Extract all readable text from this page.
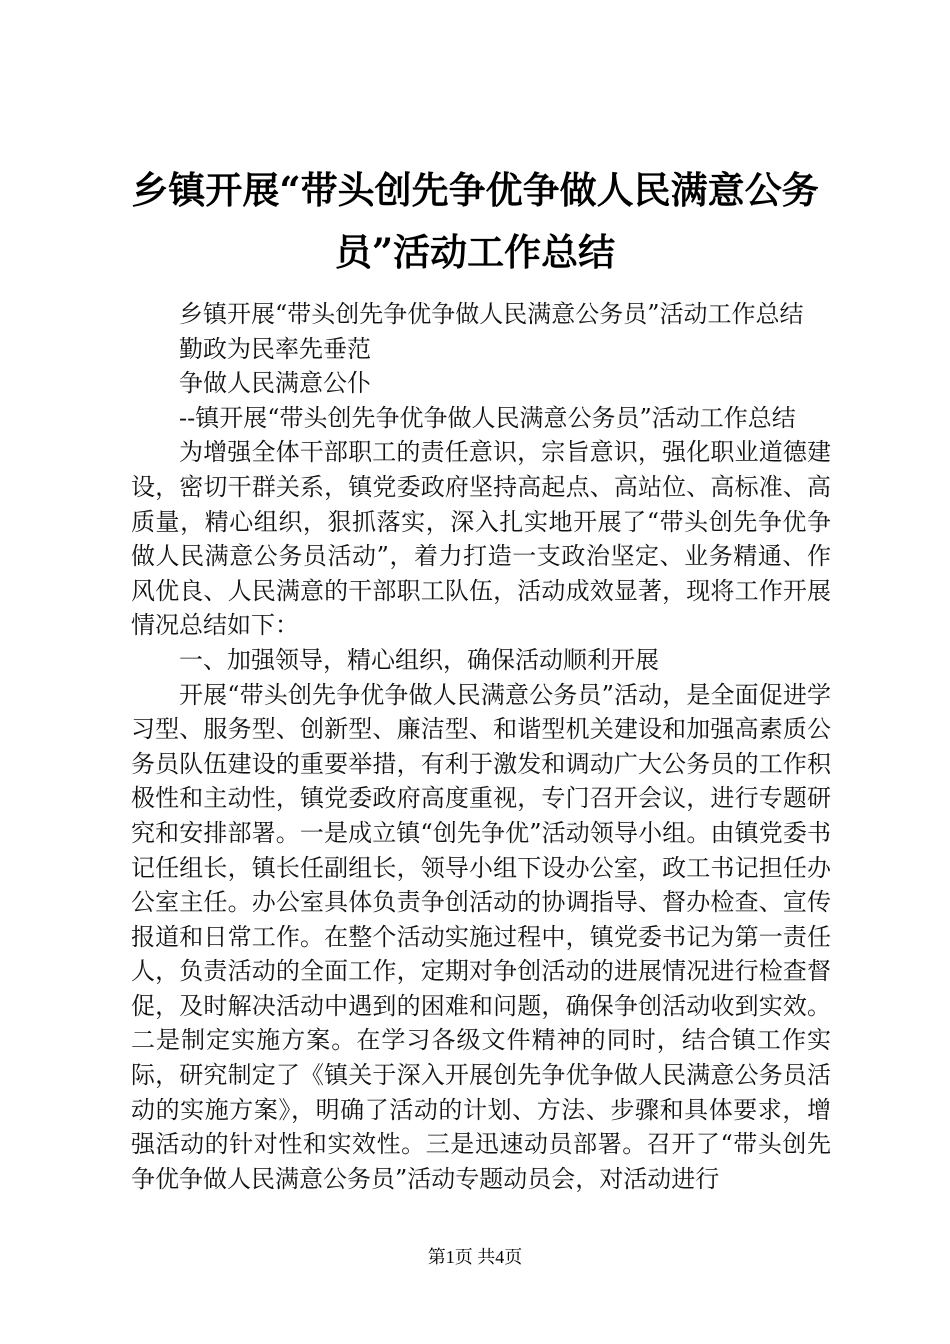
乡镇开展“带头创先争优争做人民满意公务
员”活动工作总结

乡镇开展“带头创先争优争做人民满意公务员”活动工作总结

勤政为民率先垂范

争做人民满意公仆

--镇开展“带头创先争优争做人民满意公务员”活动工作总结

为增强全体干部职工的责任意识，宗旨意识，强化职业道德建设，密切干群关系，镇党委政府坚持高起点、高站位、高标准、高质量，精心组织，狠抓落实，深入扎实地开展了“带头创先争优争做人民满意公务员活动”，着力打造一支政治坚定、业务精通、作风优良、人民满意的干部职工队伍，活动成效显著，现将工作开展情况总结如下：

一、加强领导，精心组织，确保活动顺利开展

开展“带头创先争优争做人民满意公务员”活动，是全面促进学习型、服务型、创新型、廉洁型、和谐型机关建设和加强高素质公务员队伍建设的重要举措，有利于激发和调动广大公务员的工作积极性和主动性，镇党委政府高度重视，专门召开会议，进行专题研究和安排部署。一是成立镇“创先争优”活动领导小组。由镇党委书记任组长，镇长任副组长，领导小组下设办公室，政工书记担任办公室主任。办公室具体负责争创活动的协调指导、督办检查、宣传报道和日常工作。在整个活动实施过程中，镇党委书记为第一责任人，负责活动的全面工作，定期对争创活动的进展情况进行检查督促，及时解决活动中遇到的困难和问题，确保争创活动收到实效。二是制定实施方案。在学习各级文件精神的同时，结合镇工作实际，研究制定了《镇关于深入开展创先争优争做人民满意公务员活动的实施方案》，明确了活动的计划、方法、步骤和具体要求，增强活动的针对性和实效性。三是迅速动员部署。召开了“带头创先争优争做人民满意公务员”活动专题动员会，对活动进行

第1页 共4页
